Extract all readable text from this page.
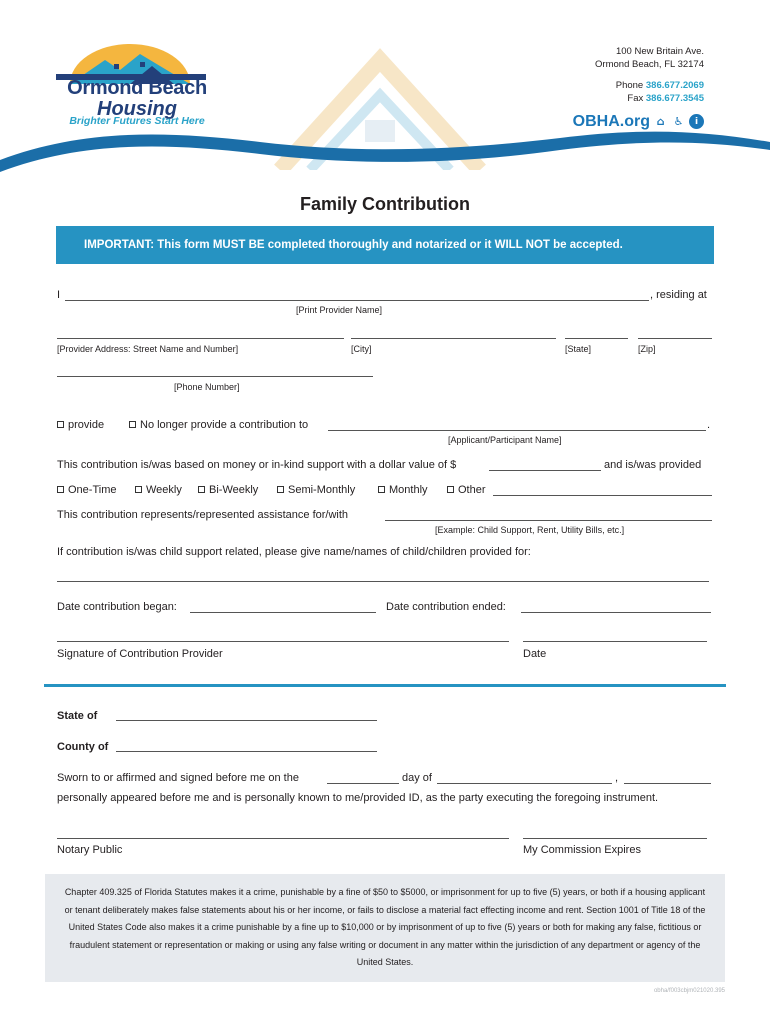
Ormond Beach
Housing
Brighter Futures Start Here
100 New Britain Ave.
Ormond Beach, FL 32174
Phone 386.677.2069
Fax 386.677.3545
OBHA.org ⌂ ♿	i
Family Contribution
IMPORTANT: This form MUST BE completed thoroughly and notarized or it WILL NOT be accepted.
I	, residing at
[Print Provider Name]
[Provider Address: Street Name and Number]	[City]	[State]	[Zip]
[Phone Number]
provide	No longer provide a contribution to	.
[Applicant/Participant Name]
This contribution is/was based on money or in-kind support with a dollar value of $	and is/was provided
One-Time	Weekly	Bi-Weekly	Semi-Monthly	Monthly	Other
This contribution represents/represented assistance for/with
[Example: Child Support, Rent, Utility Bills, etc.]
If contribution is/was child support related, please give name/names of child/children provided for:
Date contribution began:	Date contribution ended:
Signature of Contribution Provider	Date
State of
County of
Sworn to or affirmed and signed before me on the	day of	,
personally appeared before me and is personally known to me/provided ID, as the party executing the foregoing instrument.
Notary Public	My Commission Expires
Chapter 409.325 of Florida Statutes makes it a crime, punishable by a fine of $50 to $5000, or imprisonment for up to five (5) years, or both if a housing applicant or tenant deliberately makes false statements about his or her income, or fails to disclose a material fact effecting income and rent. Section 1001 of Title 18 of the United States Code also makes it a crime punishable by a fine up to $10,000 or by imprisonment of up to five (5) years or both for making any false, fictitious or fraudulent statement or representation or making or using any false writing or document in any matter within the jurisdiction of any department or agency of the United States.
obha/f003cbjm021020.395
